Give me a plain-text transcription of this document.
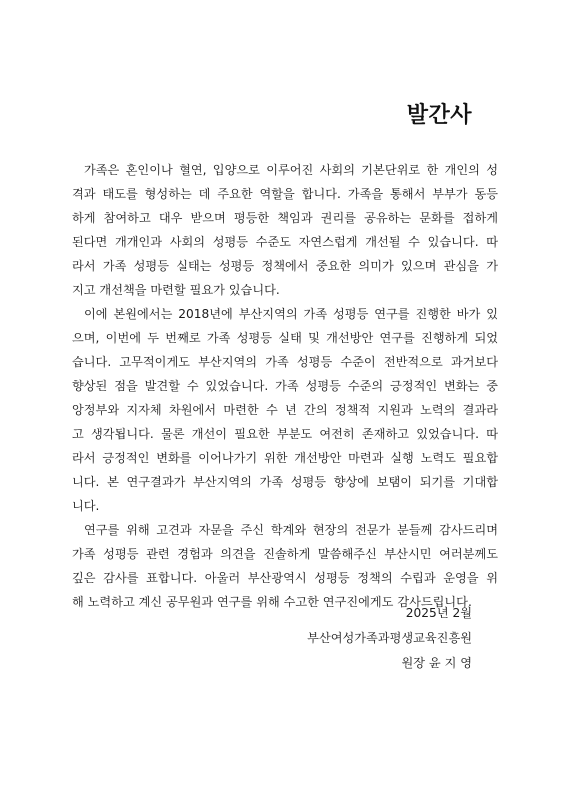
발간사
가족은 혼인이나 혈연, 입양으로 이루어진 사회의 기본단위로 한 개인의 성
격과 태도를 형성하는 데 주요한 역할을 합니다. 가족을 통해서 부부가 동등
하게 참여하고 대우 받으며 평등한 책임과 권리를 공유하는 문화를 접하게
된다면 개개인과 사회의 성평등 수준도 자연스럽게 개선될 수 있습니다. 따
라서 가족 성평등 실태는 성평등 정책에서 중요한 의미가 있으며 관심을 가
지고 개선책을 마련할 필요가 있습니다.
이에 본원에서는 2018년에 부산지역의 가족 성평등 연구를 진행한 바가 있
으며, 이번에 두 번째로 가족 성평등 실태 및 개선방안 연구를 진행하게 되었
습니다. 고무적이게도 부산지역의 가족 성평등 수준이 전반적으로 과거보다
향상된 점을 발견할 수 있었습니다. 가족 성평등 수준의 긍정적인 변화는 중
앙정부와 지자체 차원에서 마련한 수 년 간의 정책적 지원과 노력의 결과라
고 생각됩니다. 물론 개선이 필요한 부분도 여전히 존재하고 있었습니다. 따
라서 긍정적인 변화를 이어나가기 위한 개선방안 마련과 실행 노력도 필요합
니다. 본 연구결과가 부산지역의 가족 성평등 향상에 보탬이 되기를 기대합
니다.
연구를 위해 고견과 자문을 주신 학계와 현장의 전문가 분들께 감사드리며
가족 성평등 관련 경험과 의견을 진솔하게 말씀해주신 부산시민 여러분께도
깊은 감사를 표합니다. 아울러 부산광역시 성평등 정책의 수립과 운영을 위
해 노력하고 계신 공무원과 연구를 위해 수고한 연구진에게도 감사드립니다.
2025년 2월
부산여성가족과평생교육진흥원
원장 윤 지 영
